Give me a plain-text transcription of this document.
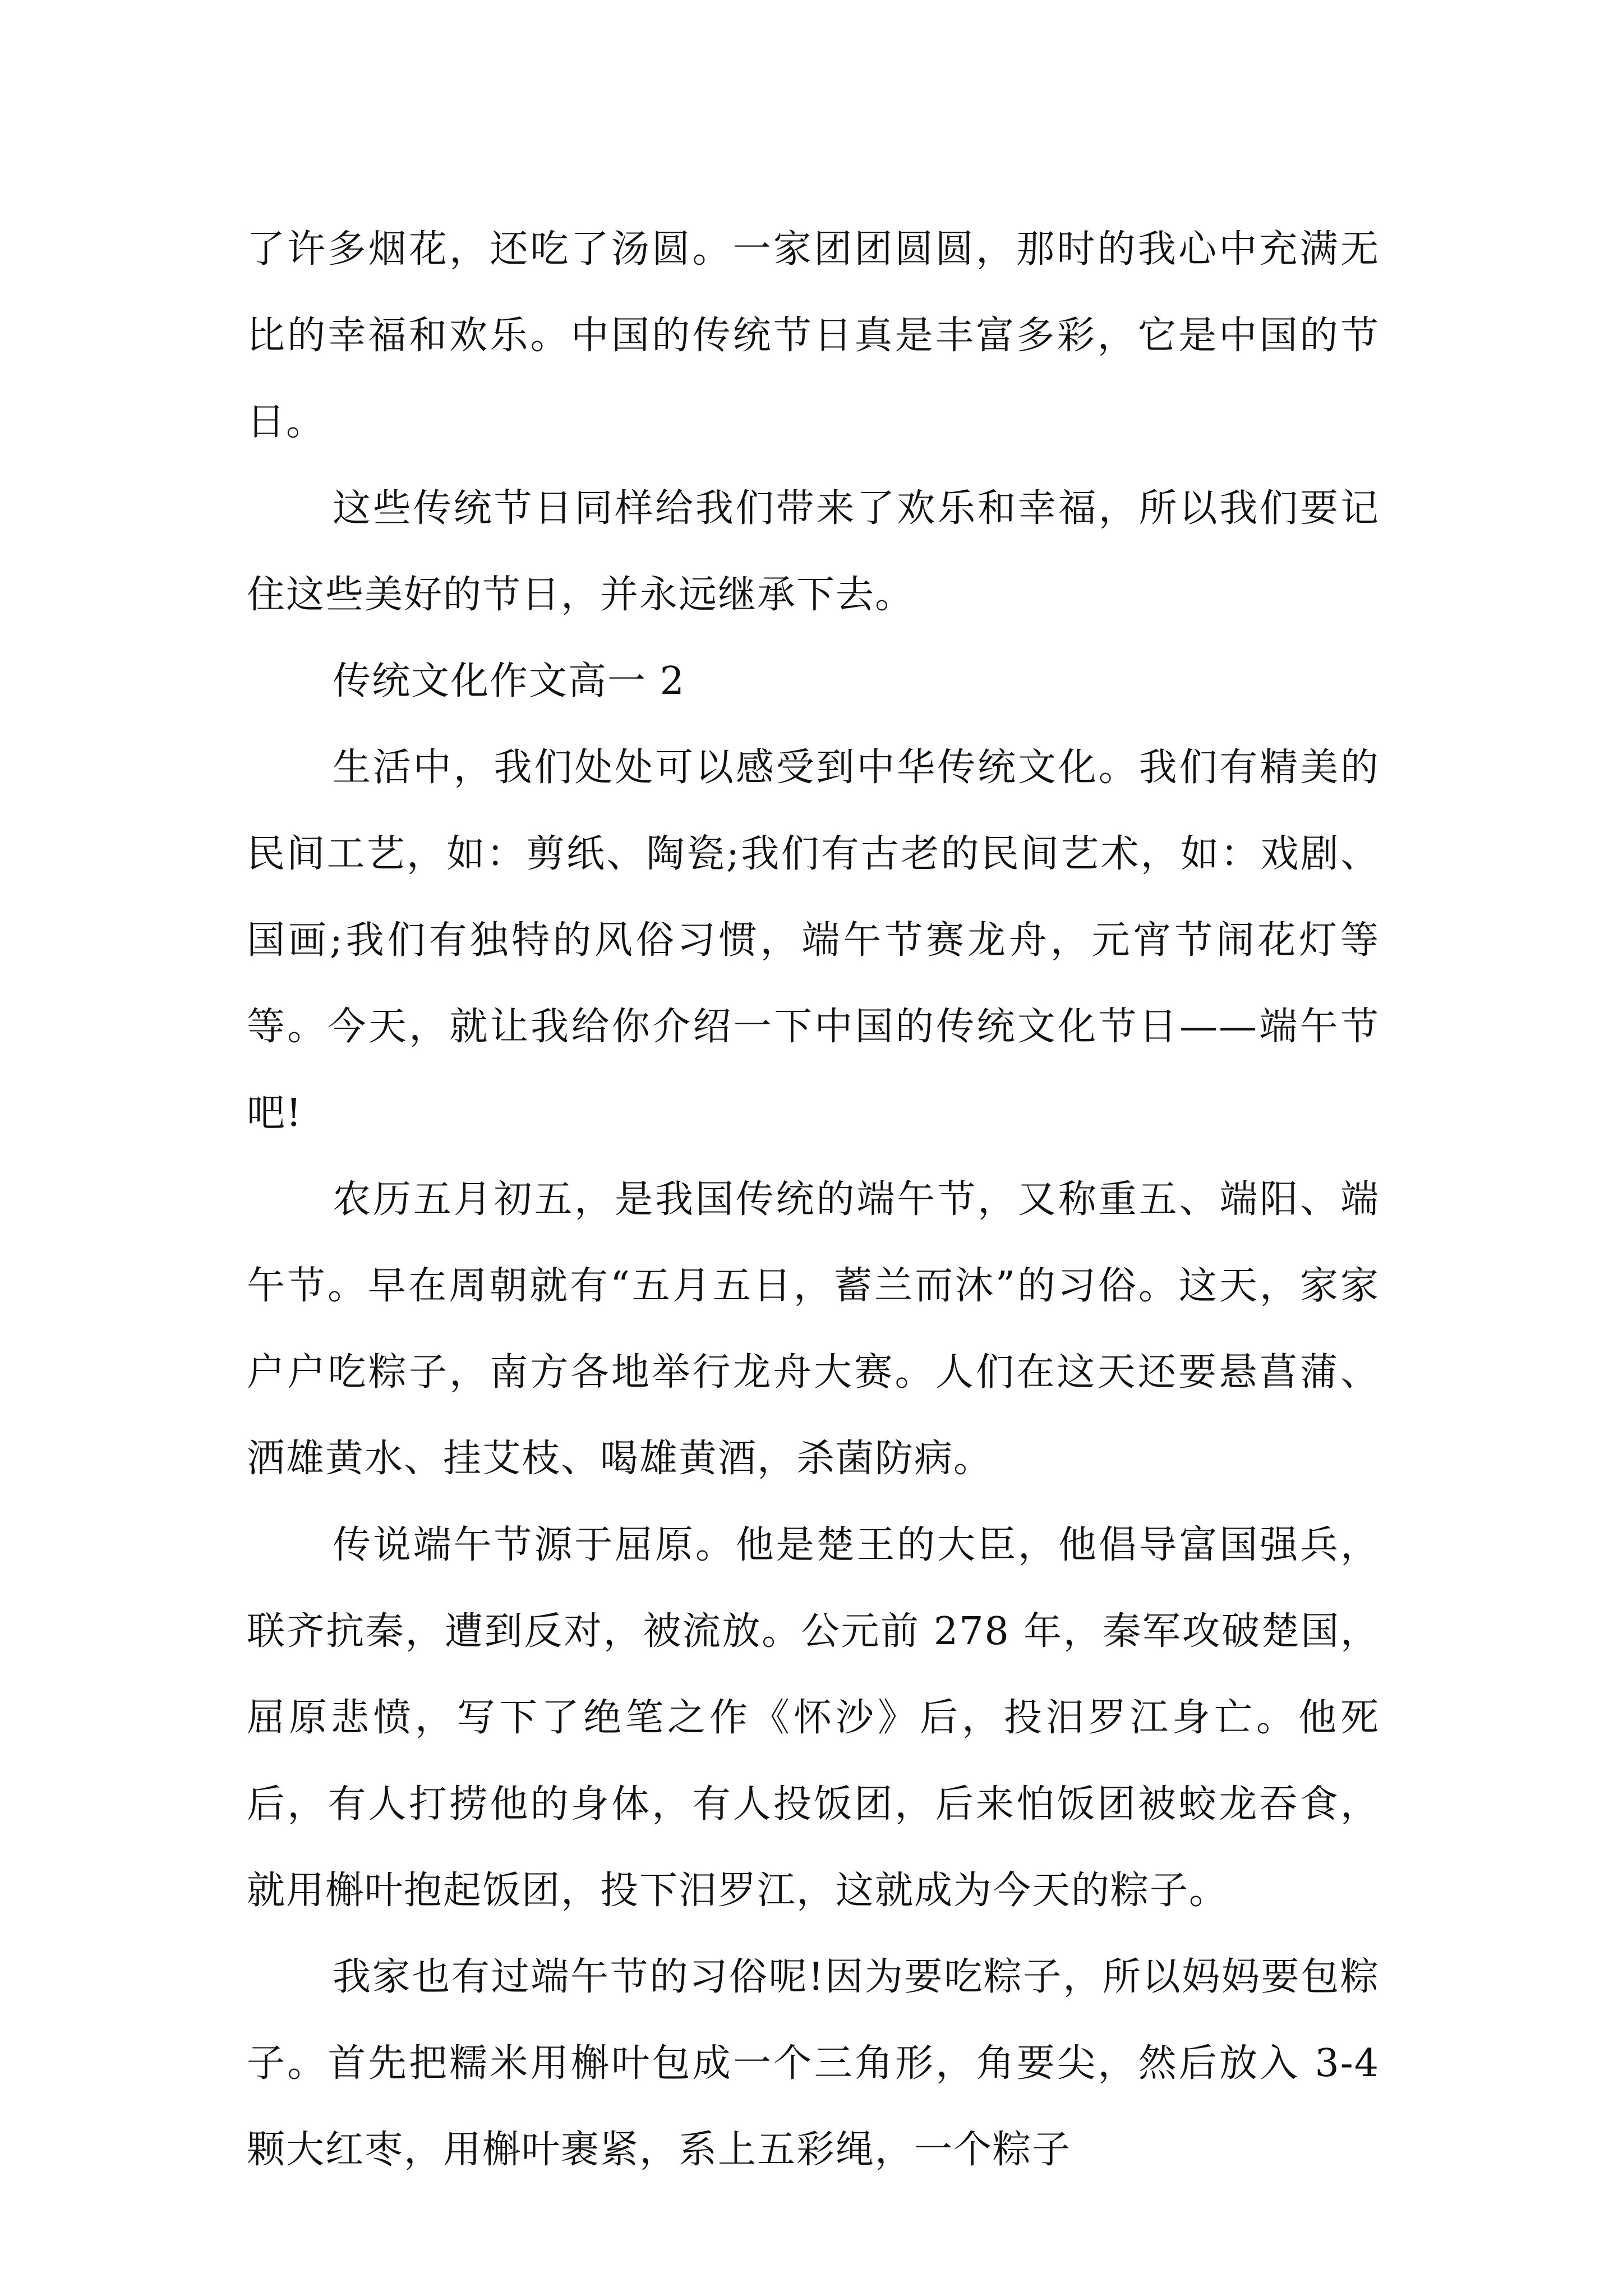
了许多烟花，还吃了汤圆。一家团团圆圆，那时的我心中充满无比的幸福和欢乐。中国的传统节日真是丰富多彩，它是中国的节日。

这些传统节日同样给我们带来了欢乐和幸福，所以我们要记住这些美好的节日，并永远继承下去。

传统文化作文高一 2

生活中，我们处处可以感受到中华传统文化。我们有精美的民间工艺，如：剪纸、陶瓷;我们有古老的民间艺术，如：戏剧、国画;我们有独特的风俗习惯，端午节赛龙舟，元宵节闹花灯等等。今天，就让我给你介绍一下中国的传统文化节日——端午节吧!

农历五月初五，是我国传统的端午节，又称重五、端阳、端午节。早在周朝就有“五月五日，蓄兰而沐”的习俗。这天，家家户户吃粽子，南方各地举行龙舟大赛。人们在这天还要悬菖蒲、洒雄黄水、挂艾枝、喝雄黄酒，杀菌防病。

传说端午节源于屈原。他是楚王的大臣，他倡导富国强兵，联齐抗秦，遭到反对，被流放。公元前 278 年，秦军攻破楚国，屈原悲愤，写下了绝笔之作《怀沙》后，投汨罗江身亡。他死后，有人打捞他的身体，有人投饭团，后来怕饭团被蛟龙吞食，就用槲叶抱起饭团，投下汨罗江，这就成为今天的粽子。

我家也有过端午节的习俗呢!因为要吃粽子，所以妈妈要包粽子。首先把糯米用槲叶包成一个三角形，角要尖，然后放入 3-4 颗大红枣，用槲叶裹紧，系上五彩绳，一个粽子
